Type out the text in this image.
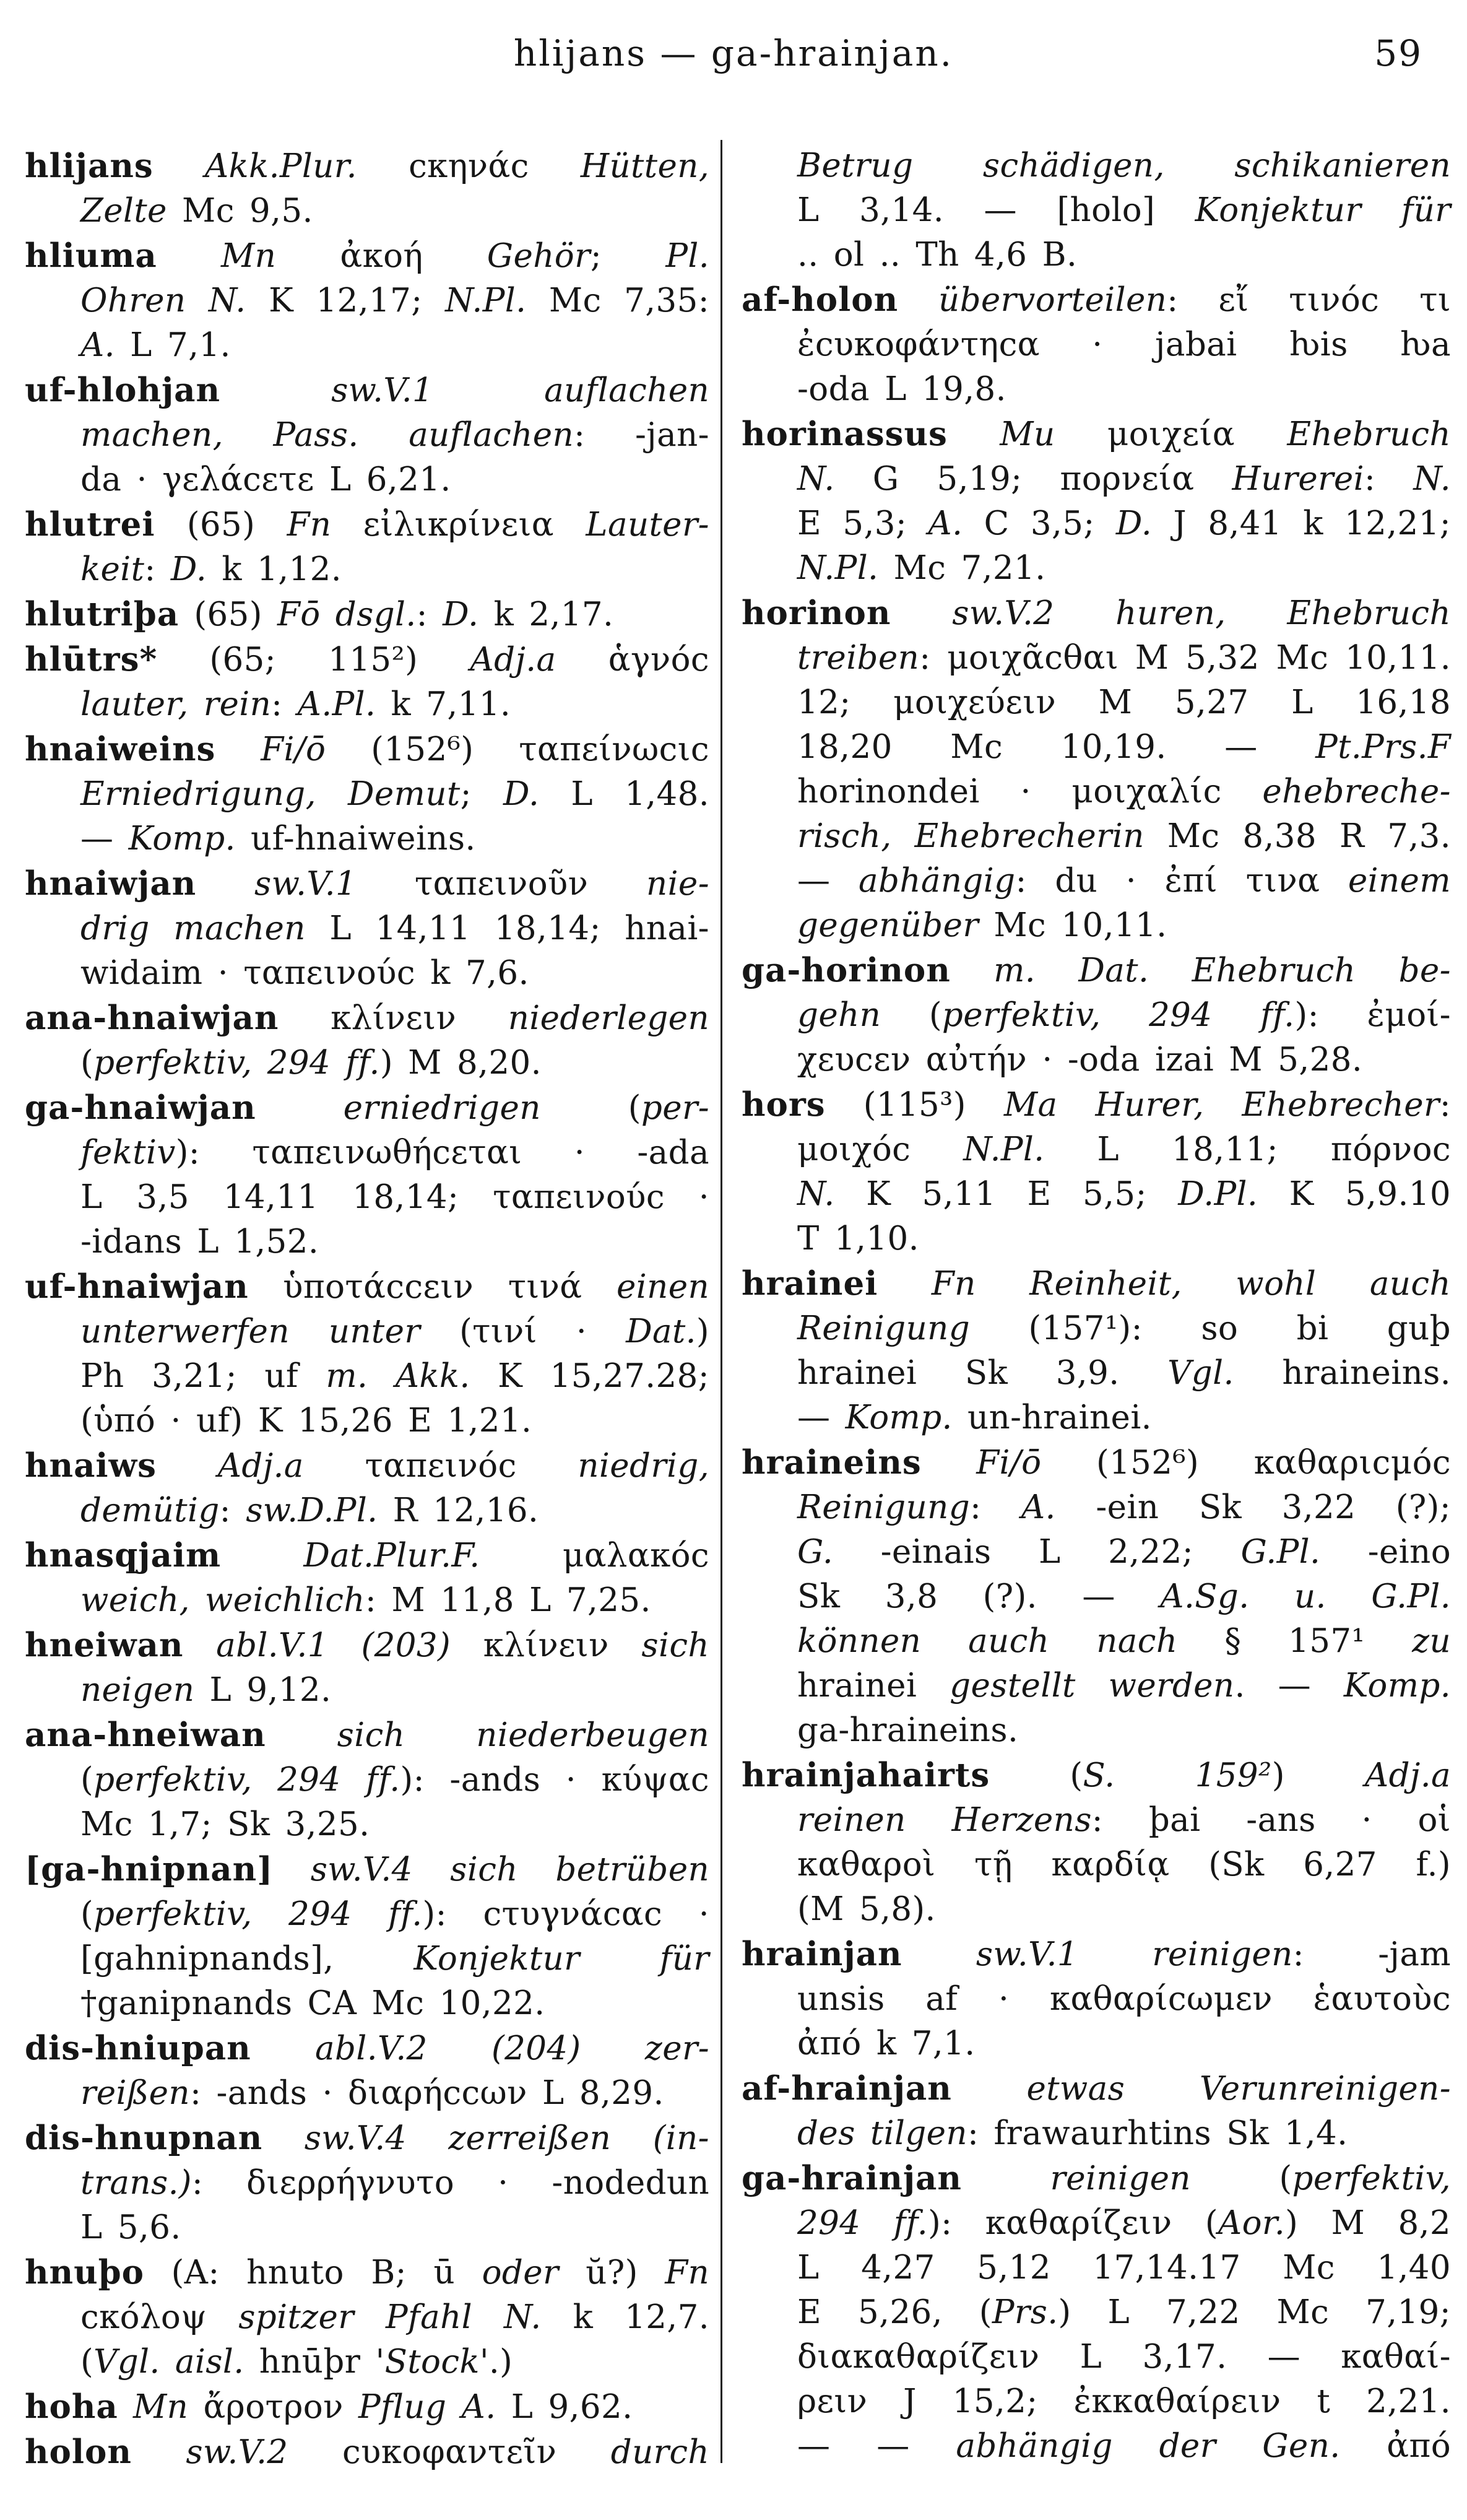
hlijans — ga-hrainjan.	59

hlijans Akk.Plur. cκηνάc Hütten,
Zelte Mc 9,5.

hliuma Mn ἀκοή Gehör; Pl.
Ohren N. K 12,17; N.Pl. Mc 7,35:
A. L 7,1.

uf-hlohjan	sw.V.1 auflachen
machen, Pass. auflachen: -jan-
da · γελάcετε L 6,21.

hlutrei (65) Fn εἰλικρίνεια Lauter-
keit: D. k 1,12.

hlutriþa (65) Fō dsgl.: D. k 2,17.

hlūtrs* (65; 115²) Adj.a ἁγνόc
lauter, rein: A.Pl. k 7,11.

hnaiweins Fi/ō (152⁶) ταπείνωcιc
Erniedrigung, Demut; D. L 1,48.
— Komp. uf-hnaiweins.

hnaiwjan sw.V.1 ταπεινοῦν nie-
drig machen L 14,11 18,14; hnai-
widaim · ταπεινούc k 7,6.

ana-hnaiwjan κλίνειν niederlegen
(perfektiv, 294 ff.) M 8,20.

ga-hnaiwjan	erniedrigen (per-
fektiv): ταπεινωθήcεται · -ada
L 3,5 14,11 18,14; ταπεινούc ·
-idans L 1,52.

uf-hnaiwjan ὑποτάccειν τινά einen
unterwerfen unter (τινί · Dat.)
Ph 3,21; uf m. Akk. K 15,27.28;
(ὑπό · uf) K 15,26 E 1,21.

hnaiws Adj.a ταπεινόc niedrig,
demütig: sw.D.Pl. R 12,16.

hnasqjaim	Dat.Plur.F. μαλακόc
weich, weichlich: M 11,8 L 7,25.

hneiwan abl.V.1 (203) κλίνειν sich
neigen L 9,12.

ana-hneiwan sich niederbeugen
(perfektiv, 294 ff.): -ands · κύψαc
Mc 1,7; Sk 3,25.

[ga-hnipnan] sw.V.4 sich betrüben
(perfektiv, 294 ff.): cτυγνάcαc ·
[gahnipnands], Konjektur für
†ganipnands CA Mc 10,22.

dis-hniupan abl.V.2 (204) zer-
reißen: -ands · διαρήccων L 8,29.

dis-hnupnan sw.V.4 zerreißen (in-
trans.): διερρήγνυτο · -nodedun
L 5,6.

hnuþo (A: hnuto B; ū oder ŭ?) Fn
cκόλοψ spitzer Pfahl N. k 12,7.
(Vgl. aisl. hnūþr 'Stock'.)

hoha Mn ἄροτρον Pflug A. L 9,62.

holon sw.V.2 cυκοφαντεῖν durch

Betrug schädigen, schikanieren
L 3,14. — [holo] Konjektur für
.. ol .. Th 4,6 B.

af-holon übervorteilen: εἴ τινόc τι
ἐcυκοφάντηcα · jabai ƕis ƕa
-oda L 19,8.

horinassus Mu μοιχεία Ehebruch
N. G 5,19; πορνεία Hurerei: N.
E 5,3; A. C 3,5; D. J 8,41 k 12,21;
N.Pl. Mc 7,21.

horinon sw.V.2 huren, Ehebruch
treiben: μοιχᾶcθαι M 5,32 Mc 10,11.
12; μοιχεύειν M 5,27 L 16,18
18,20 Mc 10,19. — Pt.Prs.F
horinondei · μοιχαλίc ehebreche-
risch, Ehebrecherin Mc 8,38 R 7,3.
— abhängig: du · ἐπί τινα einem
gegenüber Mc 10,11.

ga-horinon m. Dat. Ehebruch be-
gehn (perfektiv, 294 ff.): ἐμοί-
χευcεν αὐτήν · -oda izai M 5,28.

hors (115³) Ma Hurer, Ehebrecher:
μοιχόc N.Pl. L 18,11; πόρνοc
N. K 5,11 E 5,5; D.Pl. K 5,9.10
T 1,10.

hrainei Fn Reinheit, wohl auch
Reinigung (157¹): so bi guþ
hrainei Sk 3,9. Vgl. hraineins.
— Komp. un-hrainei.

hraineins Fi/ō (152⁶) καθαριcμόc
Reinigung: A. -ein Sk 3,22 (?);
G. -einais L 2,22; G.Pl. -eino
Sk 3,8 (?). — A.Sg. u. G.Pl.
können auch nach § 157¹ zu
hrainei gestellt werden. — Komp.
ga-hraineins.

hrainjahairts (S. 159²) Adj.a
reinen Herzens: þai -ans · οἱ
καθαροὶ τῇ καρδίᾳ (Sk 6,27 f.)
(M 5,8).

hrainjan sw.V.1 reinigen: -jam
unsis af · καθαρίcωμεν ἑαυτοὺc
ἀπό k 7,1.

af-hrainjan etwas Verunreinigen-
des tilgen: frawaurhtins Sk 1,4.

ga-hrainjan	reinigen (perfektiv,
294 ff.): καθαρίζειν (Aor.) M 8,2
L 4,27 5,12 17,14.17 Mc 1,40
E 5,26, (Prs.) L 7,22 Mc 7,19;
διακαθαρίζειν L 3,17. — καθαί-
ρειν J 15,2; ἐκκαθαίρειν t 2,21.
— — abhängig der Gen. ἀπό
